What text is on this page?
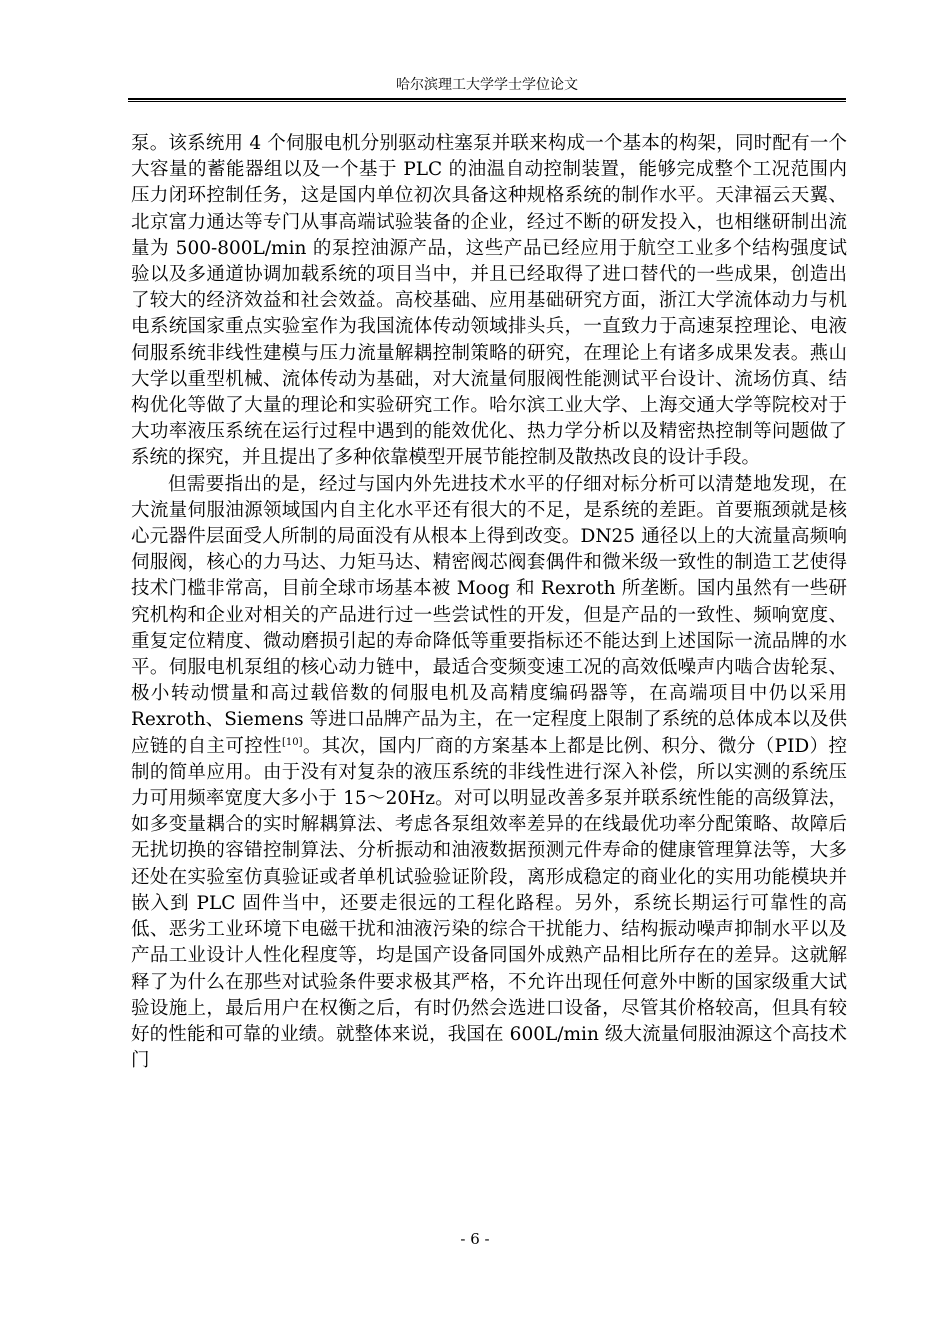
哈尔滨理工大学学士学位论文

泵。该系统用 4 个伺服电机分别驱动柱塞泵并联来构成一个基本的构架，同时配有一个大容量的蓄能器组以及一个基于 PLC 的油温自动控制装置，能够完成整个工况范围内压力闭环控制任务，这是国内单位初次具备这种规格系统的制作水平。天津福云天翼、北京富力通达等专门从事高端试验装备的企业，经过不断的研发投入，也相继研制出流量为 500-800L/min 的泵控油源产品，这些产品已经应用于航空工业多个结构强度试验以及多通道协调加载系统的项目当中，并且已经取得了进口替代的一些成果，创造出了较大的经济效益和社会效益。高校基础、应用基础研究方面，浙江大学流体动力与机电系统国家重点实验室作为我国流体传动领域排头兵，一直致力于高速泵控理论、电液伺服系统非线性建模与压力流量解耦控制策略的研究，在理论上有诸多成果发表。燕山大学以重型机械、流体传动为基础，对大流量伺服阀性能测试平台设计、流场仿真、结构优化等做了大量的理论和实验研究工作。哈尔滨工业大学、上海交通大学等院校对于大功率液压系统在运行过程中遇到的能效优化、热力学分析以及精密热控制等问题做了系统的探究，并且提出了多种依靠模型开展节能控制及散热改良的设计手段。

但需要指出的是，经过与国内外先进技术水平的仔细对标分析可以清楚地发现，在大流量伺服油源领域国内自主化水平还有很大的不足，是系统的差距。首要瓶颈就是核心元器件层面受人所制的局面没有从根本上得到改变。DN25 通径以上的大流量高频响伺服阀，核心的力马达、力矩马达、精密阀芯阀套偶件和微米级一致性的制造工艺使得技术门槛非常高，目前全球市场基本被 Moog 和 Rexroth 所垄断。国内虽然有一些研究机构和企业对相关的产品进行过一些尝试性的开发，但是产品的一致性、频响宽度、重复定位精度、微动磨损引起的寿命降低等重要指标还不能达到上述国际一流品牌的水平。伺服电机泵组的核心动力链中，最适合变频变速工况的高效低噪声内啮合齿轮泵、极小转动惯量和高过载倍数的伺服电机及高精度编码器等，在高端项目中仍以采用 Rexroth、Siemens 等进口品牌产品为主，在一定程度上限制了系统的总体成本以及供应链的自主可控性[10]。其次，国内厂商的方案基本上都是比例、积分、微分（PID）控制的简单应用。由于没有对复杂的液压系统的非线性进行深入补偿，所以实测的系统压力可用频率宽度大多小于 15～20Hz。对可以明显改善多泵并联系统性能的高级算法，如多变量耦合的实时解耦算法、考虑各泵组效率差异的在线最优功率分配策略、故障后无扰切换的容错控制算法、分析振动和油液数据预测元件寿命的健康管理算法等，大多还处在实验室仿真验证或者单机试验验证阶段，离形成稳定的商业化的实用功能模块并嵌入到 PLC 固件当中，还要走很远的工程化路程。另外，系统长期运行可靠性的高低、恶劣工业环境下电磁干扰和油液污染的综合干扰能力、结构振动噪声抑制水平以及产品工业设计人性化程度等，均是国产设备同国外成熟产品相比所存在的差异。这就解释了为什么在那些对试验条件要求极其严格，不允许出现任何意外中断的国家级重大试验设施上，最后用户在权衡之后，有时仍然会选进口设备，尽管其价格较高，但具有较好的性能和可靠的业绩。就整体来说，我国在 600L/min 级大流量伺服油源这个高技术门

- 6 -
